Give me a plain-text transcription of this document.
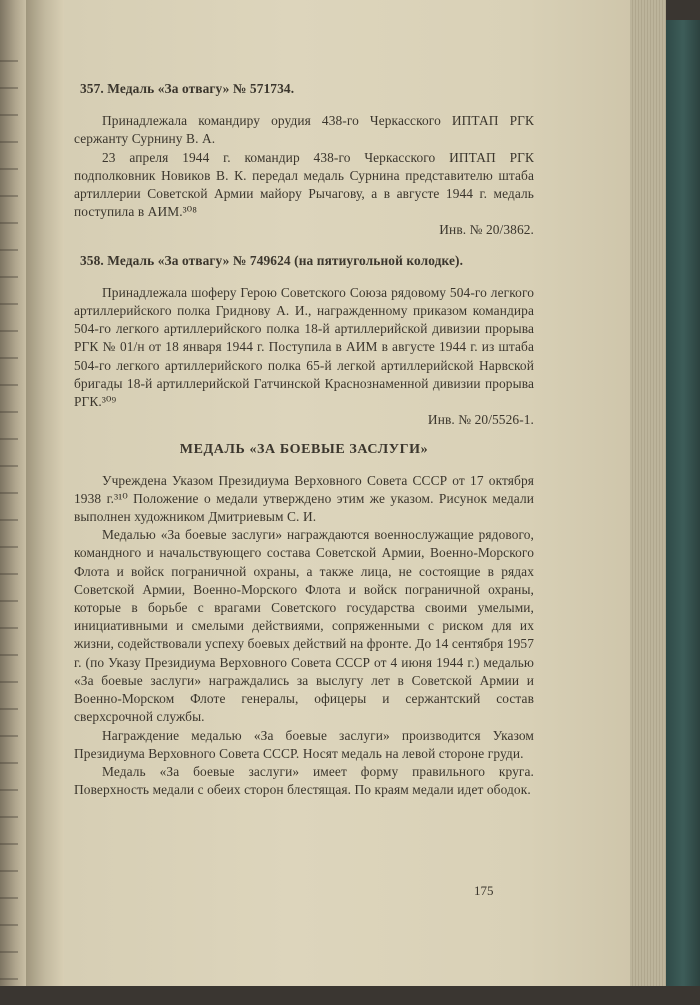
357. Медаль «За отвагу» № 571734.
Принадлежала командиру орудия 438-го Черкасского ИПТАП РГК сержанту Сурнину В. А.
23 апреля 1944 г. командир 438-го Черкасского ИПТАП РГК подполковник Новиков В. К. передал медаль Сурнина представителю штаба артиллерии Советской Армии майору Рычагову, а в августе 1944 г. медаль поступила в АИМ.³⁰⁸
Инв. № 20/3862.
358. Медаль «За отвагу» № 749624 (на пятиугольной колодке).
Принадлежала шоферу Герою Советского Союза рядовому 504-го легкого артиллерийского полка Гриднову А. И., награжденному приказом командира 504-го легкого артиллерийского полка 18-й артиллерийской дивизии прорыва РГК № 01/н от 18 января 1944 г. Поступила в АИМ в августе 1944 г. из штаба 504-го легкого артиллерийского полка 65-й легкой артиллерийской Нарвской бригады 18-й артиллерийской Гатчинской Краснознаменной дивизии прорыва РГК.³⁰⁹
Инв. № 20/5526-1.
МЕДАЛЬ «ЗА БОЕВЫЕ ЗАСЛУГИ»
Учреждена Указом Президиума Верховного Совета СССР от 17 октября 1938 г.³¹⁰ Положение о медали утверждено этим же указом. Рисунок медали выполнен художником Дмитриевым С. И.
Медалью «За боевые заслуги» награждаются военнослужащие рядового, командного и начальствующего состава Советской Армии, Военно-Морского Флота и войск пограничной охраны, а также лица, не состоящие в рядах Советской Армии, Военно-Морского Флота и войск пограничной охраны, которые в борьбе с врагами Советского государства своими умелыми, инициативными и смелыми действиями, сопряженными с риском для их жизни, содействовали успеху боевых действий на фронте. До 14 сентября 1957 г. (по Указу Президиума Верховного Совета СССР от 4 июня 1944 г.) медалью «За боевые заслуги» награждались за выслугу лет в Советской Армии и Военно-Морском Флоте генералы, офицеры и сержантский состав сверхсрочной службы.
Награждение медалью «За боевые заслуги» производится Указом Президиума Верховного Совета СССР. Носят медаль на левой стороне груди.
Медаль «За боевые заслуги» имеет форму правильного круга. Поверхность медали с обеих сторон блестящая. По краям медали идет ободок.
175
